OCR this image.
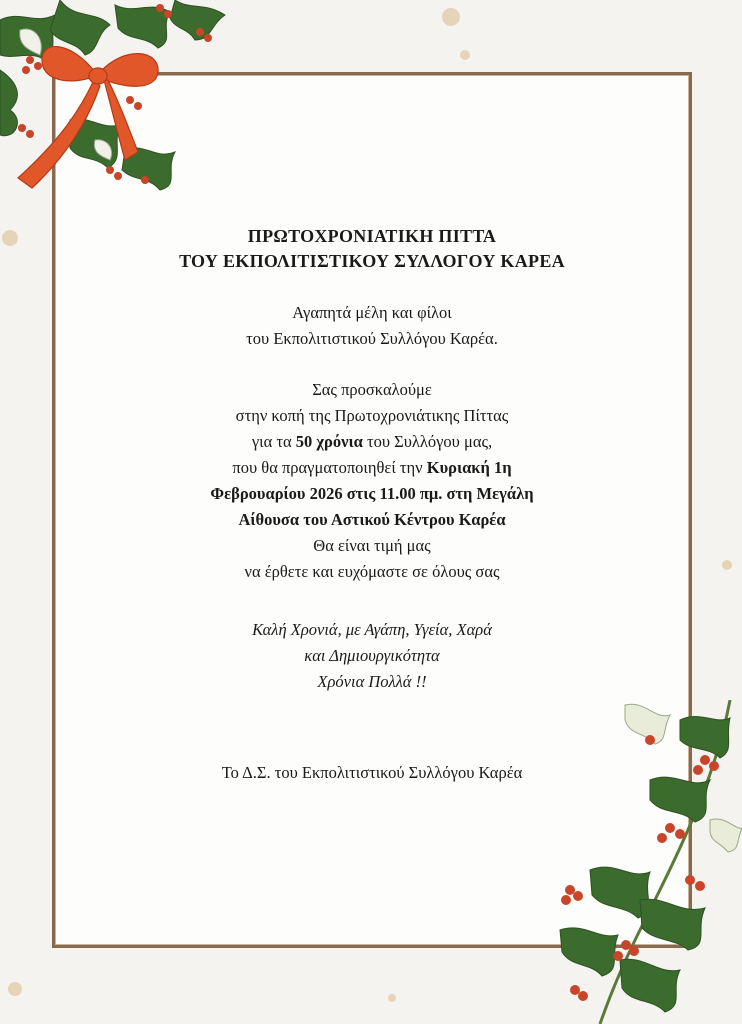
ΠΡΩΤΟΧΡΟΝΙΑΤΙΚΗ ΠΙΤΤΑ
ΤΟΥ ΕΚΠΟΛΙΤΙΣΤΙΚΟΥ ΣΥΛΛΟΓΟΥ ΚΑΡΕΑ
Αγαπητά μέλη και φίλοι
του Εκπολιτιστικού Συλλόγου Καρέα.
Σας προσκαλούμε
στην κοπή της Πρωτοχρονιάτικης Πίττας
για τα 50 χρόνια του Συλλόγου μας,
που θα πραγματοποιηθεί την Κυριακή 1η
Φεβρουαρίου 2026 στις 11.00 πμ. στη Μεγάλη
Αίθουσα του Αστικού Κέντρου Καρέα
Θα είναι τιμή μας
να έρθετε και ευχόμαστε σε όλους σας
Καλή Χρονιά, με Αγάπη, Υγεία, Χαρά
και Δημιουργικότητα
Χρόνια Πολλά !!
Το Δ.Σ. του Εκπολιτιστικού Συλλόγου Καρέα
